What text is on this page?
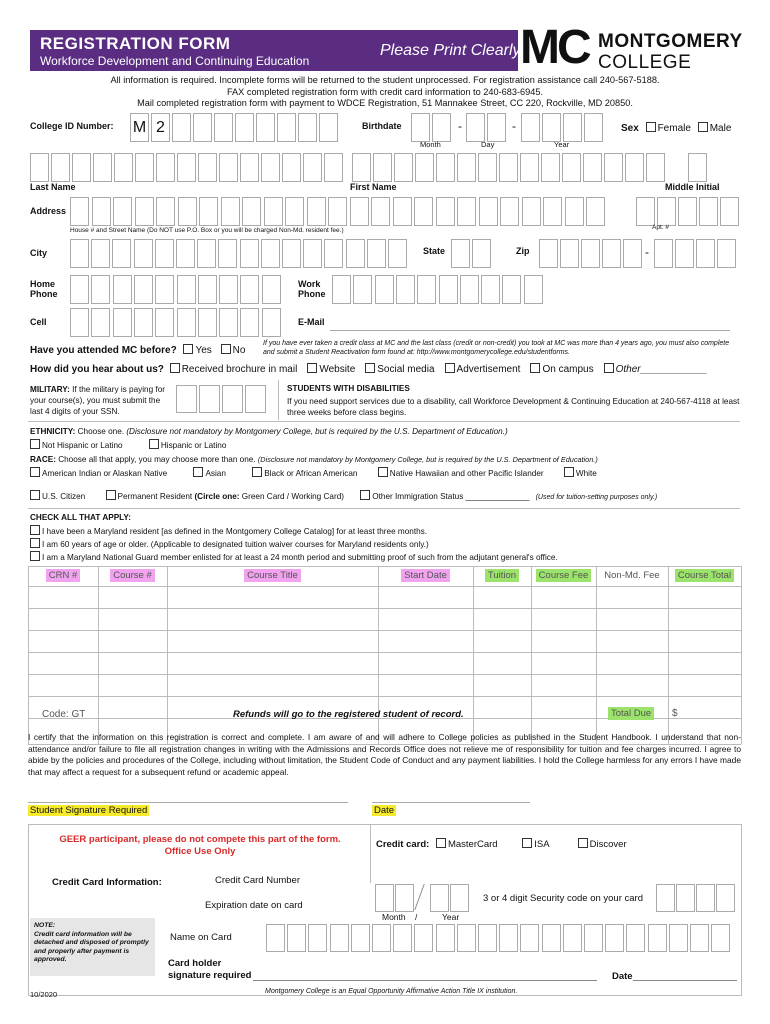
REGISTRATION FORM
Workforce Development and Continuing Education
Please Print Clearly MC MONTGOMERY
COLLEGE
All information is required. Incomplete forms will be returned to the student unprocessed. For registration assistance call 240-567-5188.
FAX completed registration form with credit card information to 240-683-6945.
Mail completed registration form with payment to WDCE Registration, 51 Mannakee Street, CC 220, Rockville, MD 20850.
College ID Number: M 2	Birthdate	-	-
Month	Day	Year
Sex Female Male
Last Name	First Name	Middle Initial
Address
House # and Street Name (Do NOT use P.O. Box or you will be charged Non-Md. resident fee.)	Apt. #
City	State	Zip	-
Home
Phone
Work
Phone
Cell	E-Mail
Have you attended MC before? Yes No
If you have ever taken a credit class at MC and the last class (credit or non-credit) you took at MC was more than 4 years ago, you must also complete and submit a Student Reactivation form found at: http://www.montgomerycollege.edu/studentforms.
How did you hear about us? Received brochure in mail Website Social media Advertisement On campus Other____________
MILITARY: If the military is paying for your course(s), you must submit the last 4 digits of your SSN.
STUDENTS WITH DISABILITIES
If you need support services due to a disability, call Workforce Development & Continuing Education at 240-567-4118 at least three weeks before class begins.
ETHNICITY: Choose one. (Disclosure not mandatory by Montgomery College, but is required by the U.S. Department of Education.)
Not Hispanic or Latino	Hispanic or Latino
RACE: Choose all that apply, you may choose more than one. (Disclosure not mandatory by Montgomery College, but is required by the U.S. Department of Education.)
American Indian or Alaskan Native	Asian	Black or African American	Native Hawaiian and other Pacific Islander	White
U.S. Citizen	Permanent Resident (Circle one: Green Card / Working Card)	Other Immigration Status ______________ (Used for tuition-setting purposes only.)
CHECK ALL THAT APPLY:
I have been a Maryland resident [as defined in the Montgomery College Catalog] for at least three months.
I am 60 years of age or older. (Applicable to designated tuition waiver courses for Maryland residents only.)
I am a Maryland National Guard member enlisted for at least a 24 month period and submitting proof of such from the adjutant general's office.
CRN #	Course #	Course Title	Start Date	Tuition	Course Fee	Non-Md. Fee	Course Total
Code: GT	Refunds will go to the registered student of record.	Total Due	$
I certify that the information on this registration is correct and complete. I am aware of and will adhere to College policies as published in the Student Handbook. I understand that non-attendance and/or failure to file all registration changes in writing with the Admissions and Records Office does not relieve me of responsibility for tuition and fee charges incurred. I agree to abide by the policies and procedures of the College, including without limitation, the Student Code of Conduct and any payment liabilities. I hold the College harmless for any errors I have made that may affect a request for a subsequent refund or academic appeal.
Student Signature Required	Date
GEER participant, please do not compete this part of the form.
Office Use Only
Credit card: MasterCard	ISA	Discover
Credit Card Information:	Credit Card Number
Expiration date on card
3 or 4 digit Security code on your card
Month /	Year
NOTE:
Credit card information will be detached and disposed of promptly and properly after payment is approved.
Name on Card
Card holder
signature required	Date
10/2020	Montgomery College is an Equal Opportunity Affirmative Action Title IX institution.
